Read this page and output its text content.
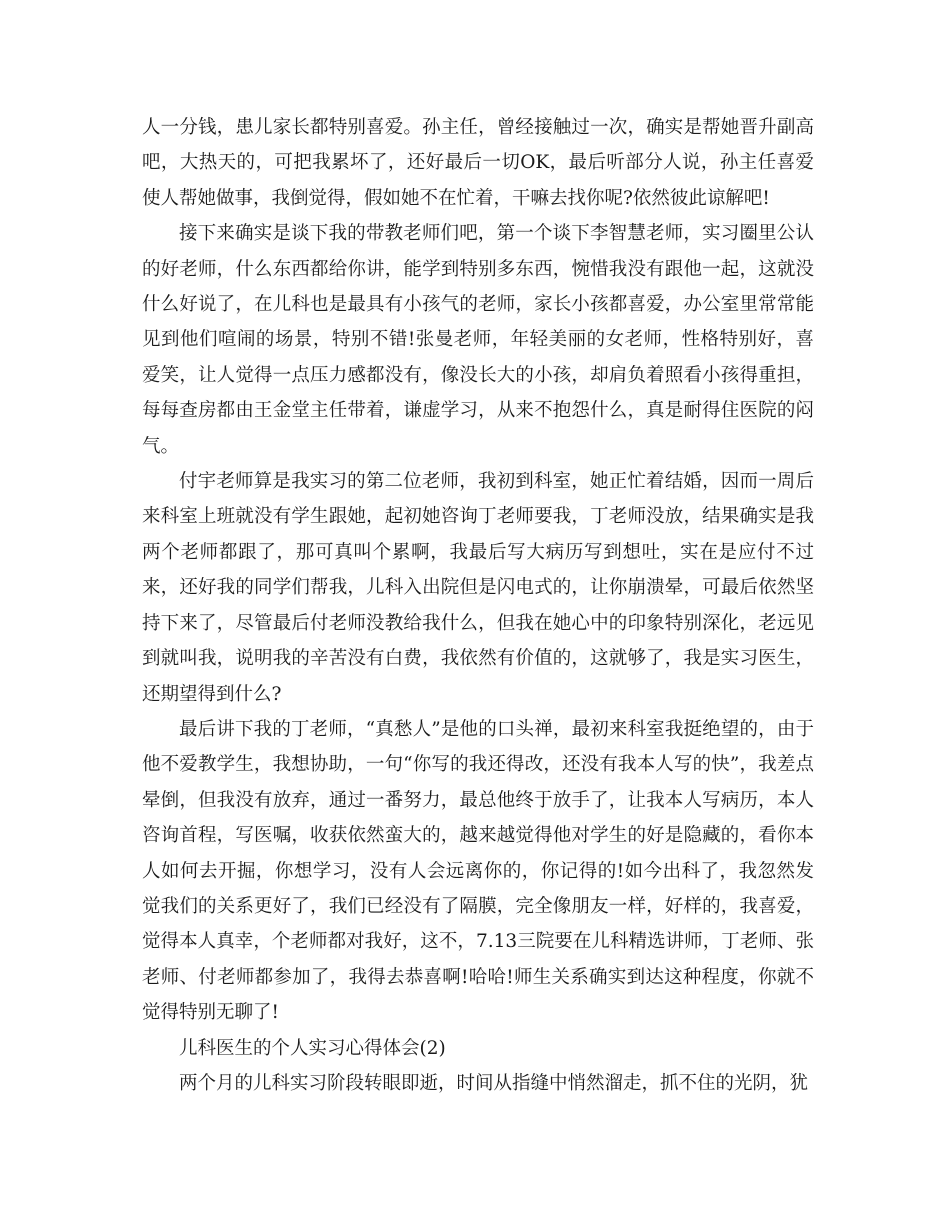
人一分钱，患儿家长都特别喜爱。孙主任，曾经接触过一次，确实是帮她晋升副高吧，大热天的，可把我累坏了，还好最后一切OK，最后听部分人说，孙主任喜爱使人帮她做事，我倒觉得，假如她不在忙着，干嘛去找你呢?依然彼此谅解吧!

接下来确实是谈下我的带教老师们吧，第一个谈下李智慧老师，实习圈里公认的好老师，什么东西都给你讲，能学到特别多东西，惋惜我没有跟他一起，这就没什么好说了，在儿科也是最具有小孩气的老师，家长小孩都喜爱，办公室里常常能见到他们喧闹的场景，特别不错!张曼老师，年轻美丽的女老师，性格特别好，喜爱笑，让人觉得一点压力感都没有，像没长大的小孩，却肩负着照看小孩得重担，每每查房都由王金堂主任带着，谦虚学习，从来不抱怨什么，真是耐得住医院的闷气。

付宇老师算是我实习的第二位老师，我初到科室，她正忙着结婚，因而一周后来科室上班就没有学生跟她，起初她咨询丁老师要我，丁老师没放，结果确实是我两个老师都跟了，那可真叫个累啊，我最后写大病历写到想吐，实在是应付不过来，还好我的同学们帮我，儿科入出院但是闪电式的，让你崩溃晕，可最后依然坚持下来了，尽管最后付老师没教给我什么，但我在她心中的印象特别深化，老远见到就叫我，说明我的辛苦没有白费，我依然有价值的，这就够了，我是实习医生，还期望得到什么?

最后讲下我的丁老师，“真愁人”是他的口头禅，最初来科室我挺绝望的，由于他不爱教学生，我想协助，一句“你写的我还得改，还没有我本人写的快”，我差点晕倒，但我没有放弃，通过一番努力，最总他终于放手了，让我本人写病历，本人咨询首程，写医嘱，收获依然蛮大的，越来越觉得他对学生的好是隐藏的，看你本人如何去开掘，你想学习，没有人会远离你的，你记得的!如今出科了，我忽然发觉我们的关系更好了，我们已经没有了隔膜，完全像朋友一样，好样的，我喜爱，觉得本人真幸，个老师都对我好，这不，7.13三院要在儿科精选讲师，丁老师、张老师、付老师都参加了，我得去恭喜啊!哈哈!师生关系确实到达这种程度，你就不觉得特别无聊了!

儿科医生的个人实习心得体会(2)

两个月的儿科实习阶段转眼即逝，时间从指缝中悄然溜走，抓不住的光阴，犹
